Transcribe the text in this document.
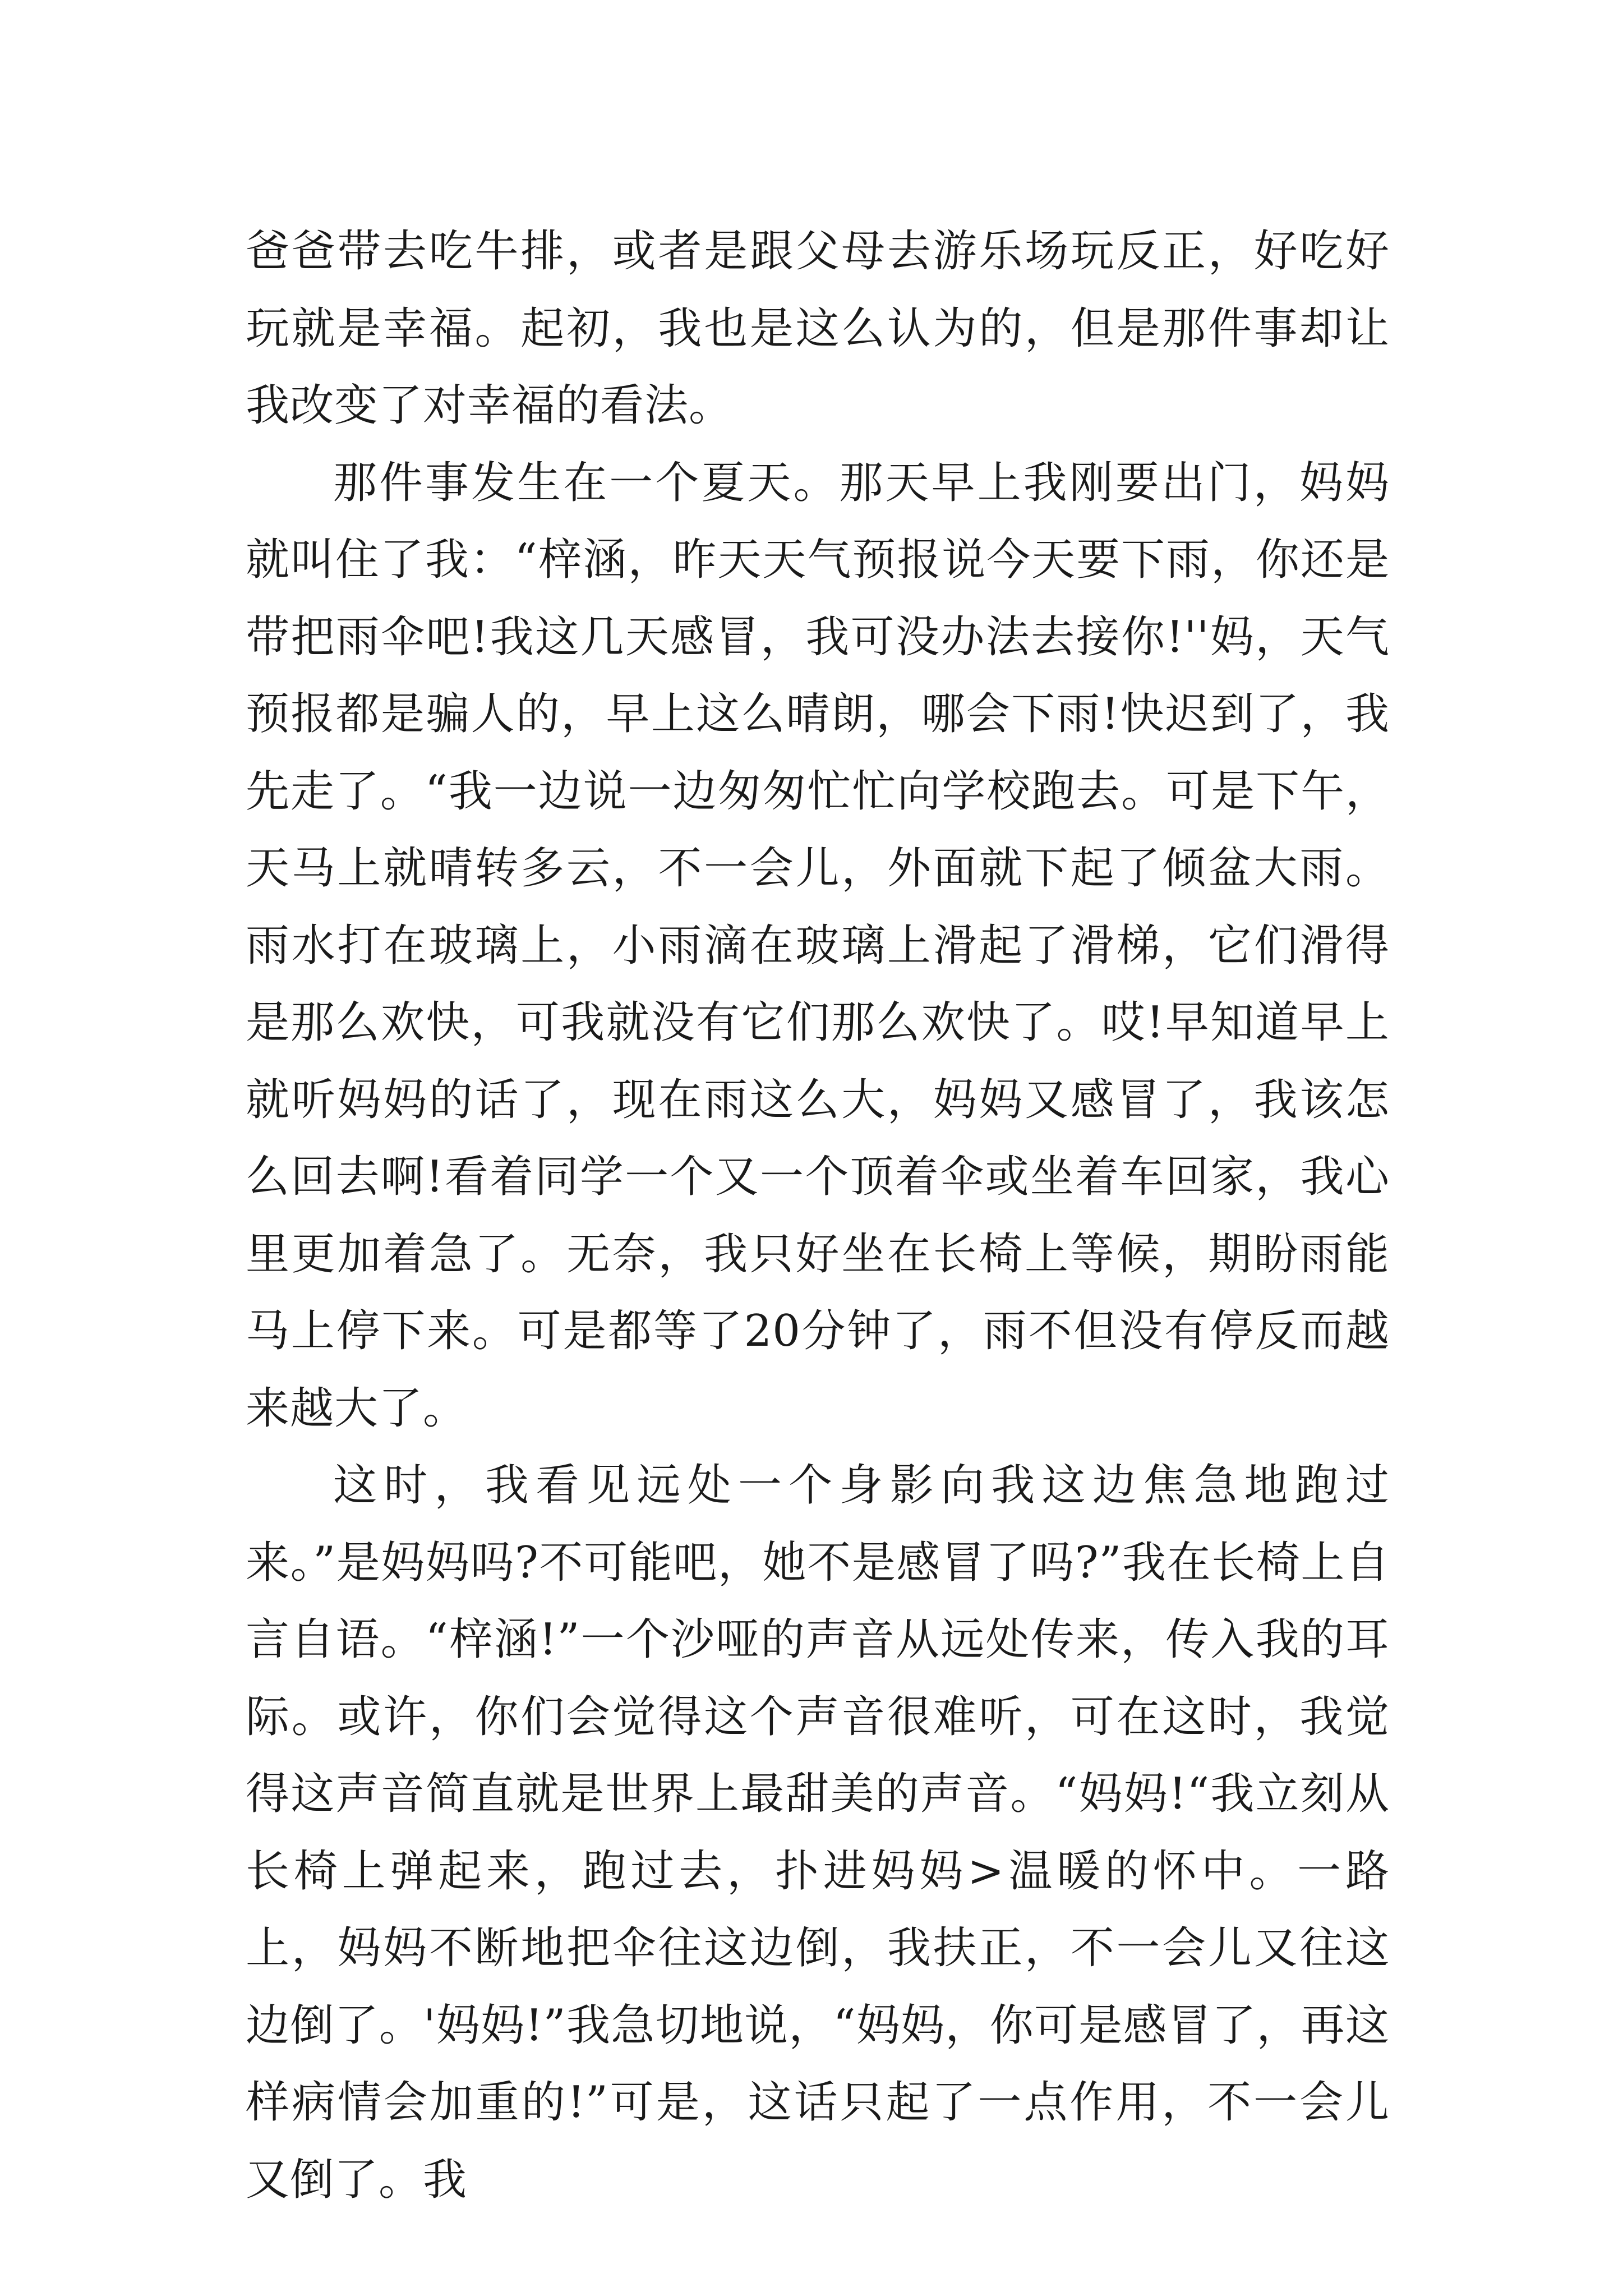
爸爸带去吃牛排，或者是跟父母去游乐场玩反正，好吃好玩就是幸福。起初，我也是这么认为的，但是那件事却让我改变了对幸福的看法。

那件事发生在一个夏天。那天早上我刚要出门，妈妈就叫住了我：“梓涵，昨天天气预报说今天要下雨，你还是带把雨伞吧!我这几天感冒，我可没办法去接你!''妈，天气预报都是骗人的，早上这么晴朗，哪会下雨!快迟到了，我先走了。“我一边说一边匆匆忙忙向学校跑去。可是下午，天马上就晴转多云，不一会儿，外面就下起了倾盆大雨。雨水打在玻璃上，小雨滴在玻璃上滑起了滑梯，它们滑得是那么欢快，可我就没有它们那么欢快了。哎!早知道早上就听妈妈的话了，现在雨这么大，妈妈又感冒了，我该怎么回去啊!看着同学一个又一个顶着伞或坐着车回家，我心里更加着急了。无奈，我只好坐在长椅上等候，期盼雨能马上停下来。可是都等了20分钟了，雨不但没有停反而越来越大了。

这时，我看见远处一个身影向我这边焦急地跑过来。”是妈妈吗?不可能吧，她不是感冒了吗?”我在长椅上自言自语。“梓涵!”一个沙哑的声音从远处传来，传入我的耳际。或许，你们会觉得这个声音很难听，可在这时，我觉得这声音简直就是世界上最甜美的声音。“妈妈!“我立刻从长椅上弹起来，跑过去，扑进妈妈>温暖的怀中。一路上，妈妈不断地把伞往这边倒，我扶正，不一会儿又往这边倒了。'妈妈!”我急切地说，“妈妈，你可是感冒了，再这样病情会加重的!”可是，这话只起了一点作用，不一会儿又倒了。我
